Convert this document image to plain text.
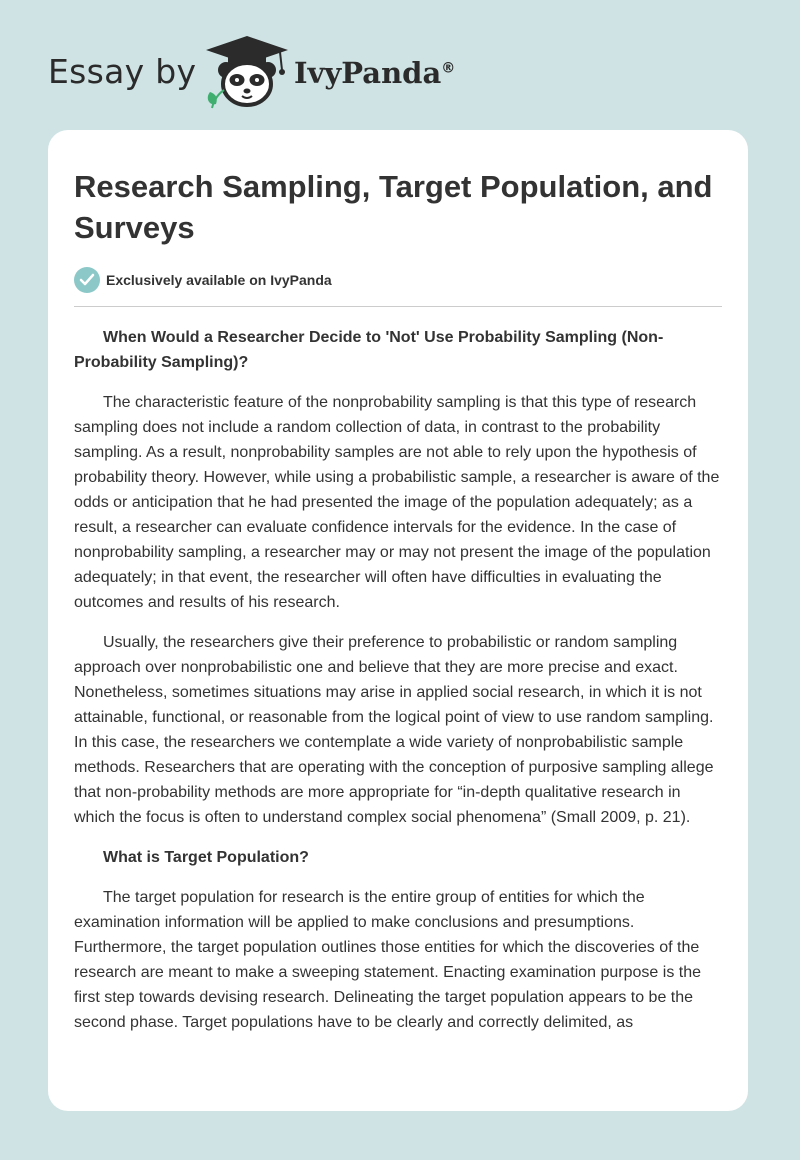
Essay by	IvyPanda®
Research Sampling, Target Population, and Surveys
Exclusively available on IvyPanda

When Would a Researcher Decide to 'Not' Use Probability Sampling (Non-Probability Sampling)?

The characteristic feature of the nonprobability sampling is that this type of research sampling does not include a random collection of data, in contrast to the probability sampling. As a result, nonprobability samples are not able to rely upon the hypothesis of probability theory. However, while using a probabilistic sample, a researcher is aware of the odds or anticipation that he had presented the image of the population adequately; as a result, a researcher can evaluate confidence intervals for the evidence. In the case of nonprobability sampling, a researcher may or may not present the image of the population adequately; in that event, the researcher will often have difficulties in evaluating the outcomes and results of his research.

Usually, the researchers give their preference to probabilistic or random sampling approach over nonprobabilistic one and believe that they are more precise and exact. Nonetheless, sometimes situations may arise in applied social research, in which it is not attainable, functional, or reasonable from the logical point of view to use random sampling. In this case, the researchers we contemplate a wide variety of nonprobabilistic sample methods. Researchers that are operating with the conception of purposive sampling allege that non-probability methods are more appropriate for “in-depth qualitative research in which the focus is often to understand complex social phenomena” (Small 2009, p. 21).

What is Target Population?

The target population for research is the entire group of entities for which the examination information will be applied to make conclusions and presumptions. Furthermore, the target population outlines those entities for which the discoveries of the research are meant to make a sweeping statement. Enacting examination purpose is the first step towards devising research. Delineating the target population appears to be the second phase. Target populations have to be clearly and correctly delimited, as
